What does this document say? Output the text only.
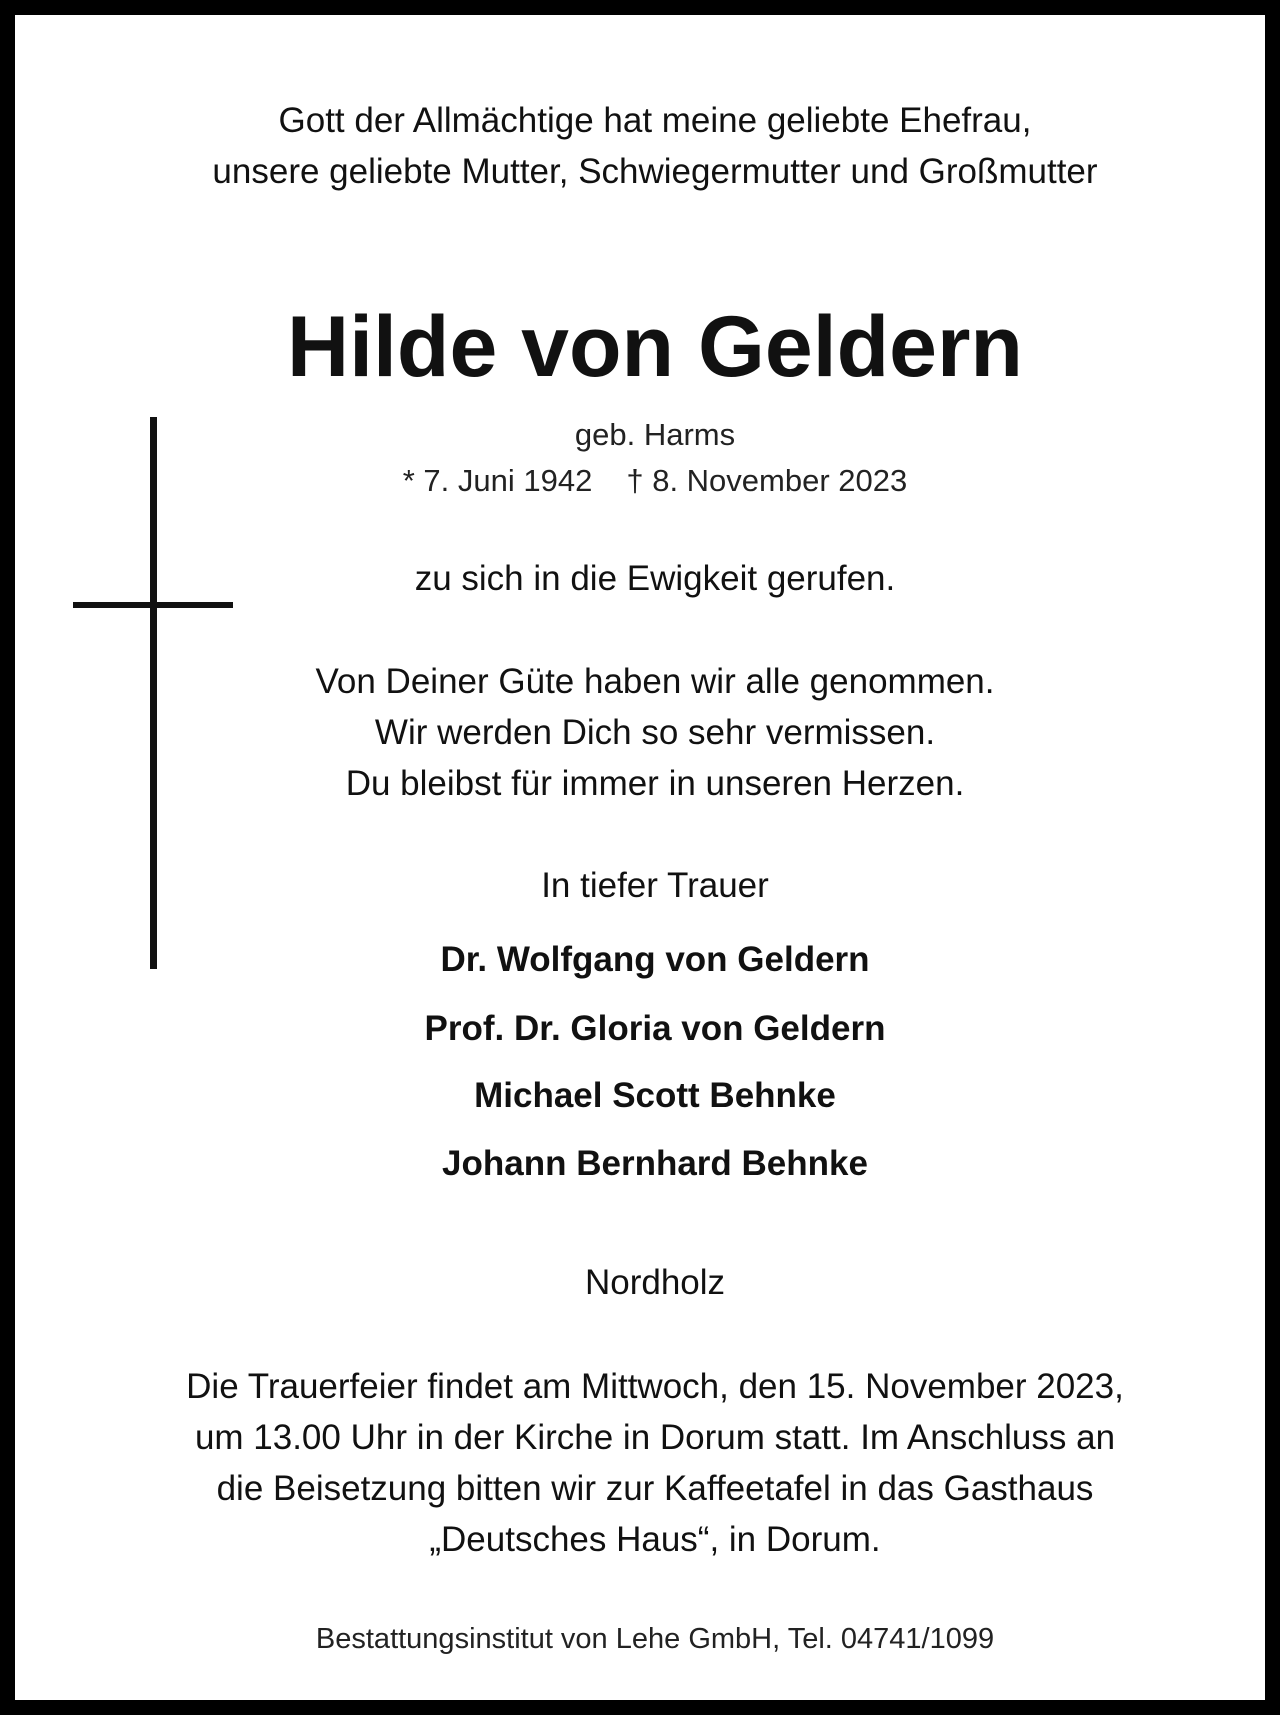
Gott der Allmächtige hat meine geliebte Ehefrau,
unsere geliebte Mutter, Schwiegermutter und Großmutter
Hilde von Geldern
geb. Harms
* 7. Juni 1942 † 8. November 2023
zu sich in die Ewigkeit gerufen.
Von Deiner Güte haben wir alle genommen.
Wir werden Dich so sehr vermissen.
Du bleibst für immer in unseren Herzen.
In tiefer Trauer
Dr. Wolfgang von Geldern
Prof. Dr. Gloria von Geldern
Michael Scott Behnke
Johann Bernhard Behnke
Nordholz
Die Trauerfeier findet am Mittwoch, den 15. November 2023,
um 13.00 Uhr in der Kirche in Dorum statt. Im Anschluss an
die Beisetzung bitten wir zur Kaffeetafel in das Gasthaus
„Deutsches Haus“, in Dorum.
Bestattungsinstitut von Lehe GmbH, Tel. 04741/1099
